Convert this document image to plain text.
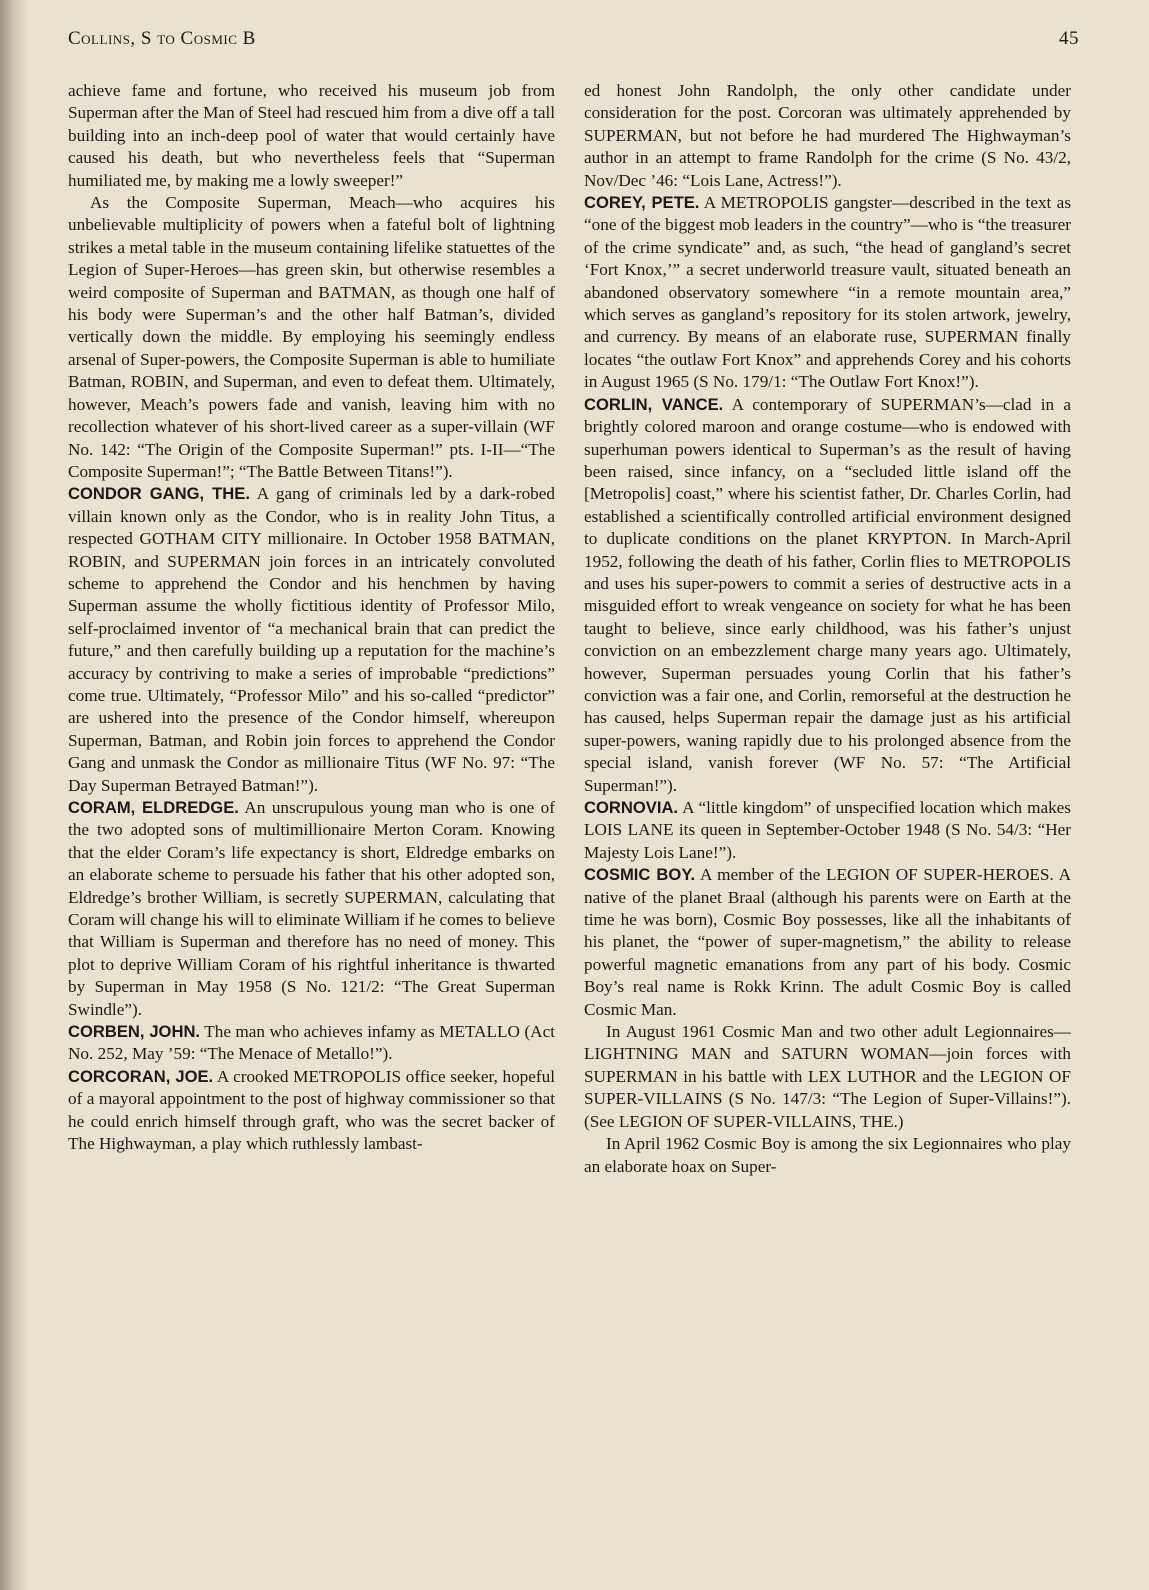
Collins, S to Cosmic B	45

achieve fame and fortune, who received his museum job from Superman after the Man of Steel had rescued him from a dive off a tall building into an inch-deep pool of water that would certainly have caused his death, but who nevertheless feels that “Superman humiliated me, by making me a lowly sweeper!”

As the Composite Superman, Meach—who acquires his unbelievable multiplicity of powers when a fateful bolt of lightning strikes a metal table in the museum containing lifelike statuettes of the Legion of Super-Heroes—has green skin, but otherwise resembles a weird composite of Superman and BATMAN, as though one half of his body were Superman’s and the other half Batman’s, divided vertically down the middle. By employing his seemingly endless arsenal of Super-powers, the Composite Superman is able to humiliate Batman, ROBIN, and Superman, and even to defeat them. Ultimately, however, Meach’s powers fade and vanish, leaving him with no recollection whatever of his short-lived career as a super-villain (WF No. 142: “The Origin of the Composite Superman!” pts. I-II—“The Composite Superman!”; “The Battle Between Titans!”).

CONDOR GANG, THE. A gang of criminals led by a dark-robed villain known only as the Condor, who is in reality John Titus, a respected GOTHAM CITY millionaire. In October 1958 BATMAN, ROBIN, and SUPERMAN join forces in an intricately convoluted scheme to apprehend the Condor and his henchmen by having Superman assume the wholly fictitious identity of Professor Milo, self-proclaimed inventor of “a mechanical brain that can predict the future,” and then carefully building up a reputation for the machine’s accuracy by contriving to make a series of improbable “predictions” come true. Ultimately, “Professor Milo” and his so-called “predictor” are ushered into the presence of the Condor himself, whereupon Superman, Batman, and Robin join forces to apprehend the Condor Gang and unmask the Condor as millionaire Titus (WF No. 97: “The Day Superman Betrayed Batman!”).

CORAM, ELDREDGE. An unscrupulous young man who is one of the two adopted sons of multimillionaire Merton Coram. Knowing that the elder Coram’s life expectancy is short, Eldredge embarks on an elaborate scheme to persuade his father that his other adopted son, Eldredge’s brother William, is secretly SUPERMAN, calculating that Coram will change his will to eliminate William if he comes to believe that William is Superman and therefore has no need of money. This plot to deprive William Coram of his rightful inheritance is thwarted by Superman in May 1958 (S No. 121/2: “The Great Superman Swindle”).

CORBEN, JOHN. The man who achieves infamy as METALLO (Act No. 252, May ’59: “The Menace of Metallo!”).

CORCORAN, JOE. A crooked METROPOLIS office seeker, hopeful of a mayoral appointment to the post of highway commissioner so that he could enrich himself through graft, who was the secret backer of The Highwayman, a play which ruthlessly lambast-

ed honest John Randolph, the only other candidate under consideration for the post. Corcoran was ultimately apprehended by SUPERMAN, but not before he had murdered The Highwayman’s author in an attempt to frame Randolph for the crime (S No. 43/2, Nov/Dec ’46: “Lois Lane, Actress!”).

COREY, PETE. A METROPOLIS gangster—described in the text as “one of the biggest mob leaders in the country”—who is “the treasurer of the crime syndicate” and, as such, “the head of gangland’s secret ‘Fort Knox,’” a secret underworld treasure vault, situated beneath an abandoned observatory somewhere “in a remote mountain area,” which serves as gangland’s repository for its stolen artwork, jewelry, and currency. By means of an elaborate ruse, SUPERMAN finally locates “the outlaw Fort Knox” and apprehends Corey and his cohorts in August 1965 (S No. 179/1: “The Outlaw Fort Knox!”).

CORLIN, VANCE. A contemporary of SUPERMAN’s—clad in a brightly colored maroon and orange costume—who is endowed with superhuman powers identical to Superman’s as the result of having been raised, since infancy, on a “secluded little island off the [Metropolis] coast,” where his scientist father, Dr. Charles Corlin, had established a scientifically controlled artificial environment designed to duplicate conditions on the planet KRYPTON. In March-April 1952, following the death of his father, Corlin flies to METROPOLIS and uses his super-powers to commit a series of destructive acts in a misguided effort to wreak vengeance on society for what he has been taught to believe, since early childhood, was his father’s unjust conviction on an embezzlement charge many years ago. Ultimately, however, Superman persuades young Corlin that his father’s conviction was a fair one, and Corlin, remorseful at the destruction he has caused, helps Superman repair the damage just as his artificial super-powers, waning rapidly due to his prolonged absence from the special island, vanish forever (WF No. 57: “The Artificial Superman!”).

CORNOVIA. A “little kingdom” of unspecified location which makes LOIS LANE its queen in September-October 1948 (S No. 54/3: “Her Majesty Lois Lane!”).

COSMIC BOY. A member of the LEGION OF SUPER-HEROES. A native of the planet Braal (although his parents were on Earth at the time he was born), Cosmic Boy possesses, like all the inhabitants of his planet, the “power of super-magnetism,” the ability to release powerful magnetic emanations from any part of his body. Cosmic Boy’s real name is Rokk Krinn. The adult Cosmic Boy is called Cosmic Man.

In August 1961 Cosmic Man and two other adult Legionnaires—LIGHTNING MAN and SATURN WOMAN—join forces with SUPERMAN in his battle with LEX LUTHOR and the LEGION OF SUPER-VILLAINS (S No. 147/3: “The Legion of Super-Villains!”). (See LEGION OF SUPER-VILLAINS, THE.)

In April 1962 Cosmic Boy is among the six Legionnaires who play an elaborate hoax on Super-
